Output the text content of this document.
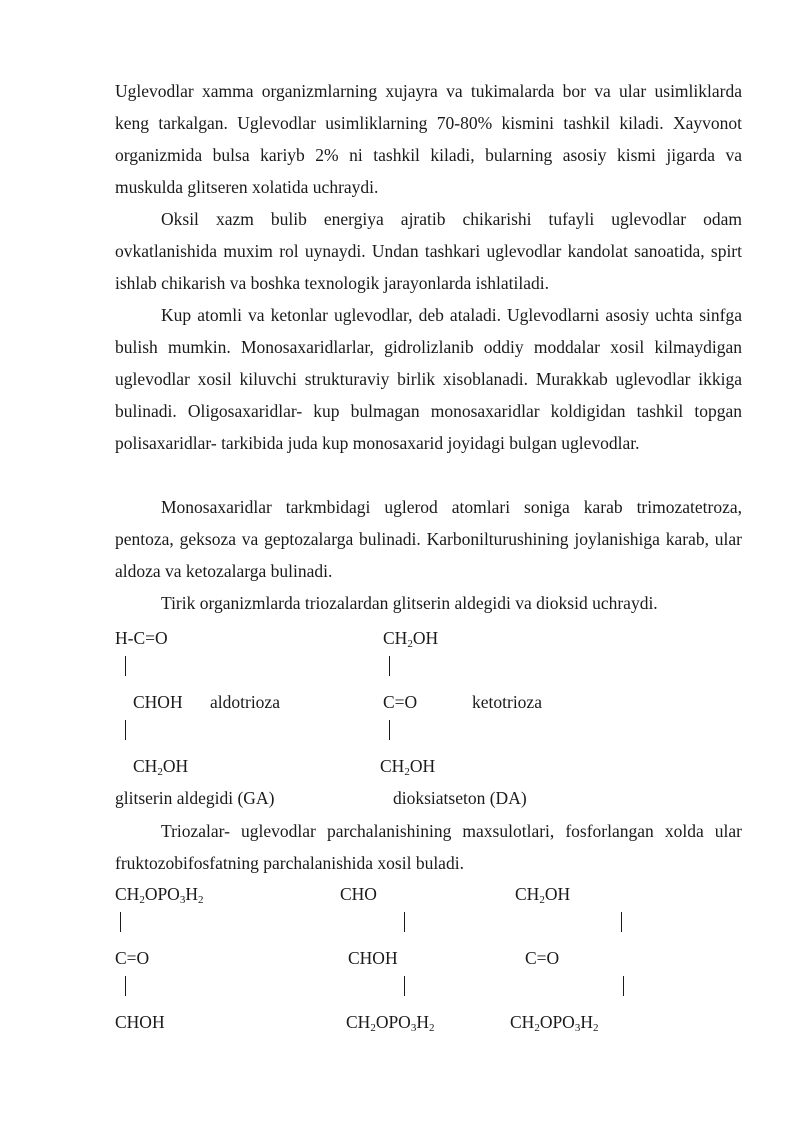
Uglevodlar xamma organizmlarning xujayra va tukimalarda bor va ular usimliklarda keng tarkalgan. Uglevodlar usimliklarning 70-80% kismini tashkil kiladi. Xayvonot organizmida bulsa kariyb 2% ni tashkil kiladi, bularning asosiy kismi jigarda va muskulda glitseren xolatida uchraydi.

Oksil xazm bulib energiya ajratib chikarishi tufayli uglevodlar odam ovkatlanishida muxim rol uynaydi. Undan tashkari uglevodlar kandolat sanoatida, spirt ishlab chikarish va boshka texnologik jarayonlarda ishlatiladi.

Kup atomli va ketonlar uglevodlar, deb ataladi. Uglevodlarni asosiy uchta sinfga bulish mumkin. Monosaxaridlarlar, gidrolizlanib oddiy moddalar xosil kilmaydigan uglevodlar xosil kiluvchi strukturaviy birlik xisoblanadi. Murakkab uglevodlar ikkiga bulinadi. Oligosaxaridlar- kup bulmagan monosaxaridlar koldigidan tashkil topgan polisaxaridlar- tarkibida juda kup monosaxarid joyidagi bulgan uglevodlar.

Monosaxaridlar tarkmbidagi uglerod atomlari soniga karab trimozatetroza, pentoza, geksoza va geptozalarga bulinadi. Karbonilturushining joylanishiga karab, ular aldoza va ketozalarga bulinadi.

Tirik organizmlarda triozalardan glitserin aldegidi va dioksid uchraydi.

H-C=O	$CH_2OH$
CHOH aldotrioza	C=O	ketotrioza
$CH_2OH$	$CH_2OH$
glitserin aldegidi (GA)	dioksiatseton (DA)

Triozalar- uglevodlar parchalanishining maxsulotlari, fosforlangan xolda ular fruktozobifosfatning parchalanishida xosil buladi.

$CH_2OPO_3H_2$	CHO	$CH_2OH$
C=O	CHOH	C=O
CHOH	$CH_2OPO_3H_2$	$CH_2OPO_3H_2$
